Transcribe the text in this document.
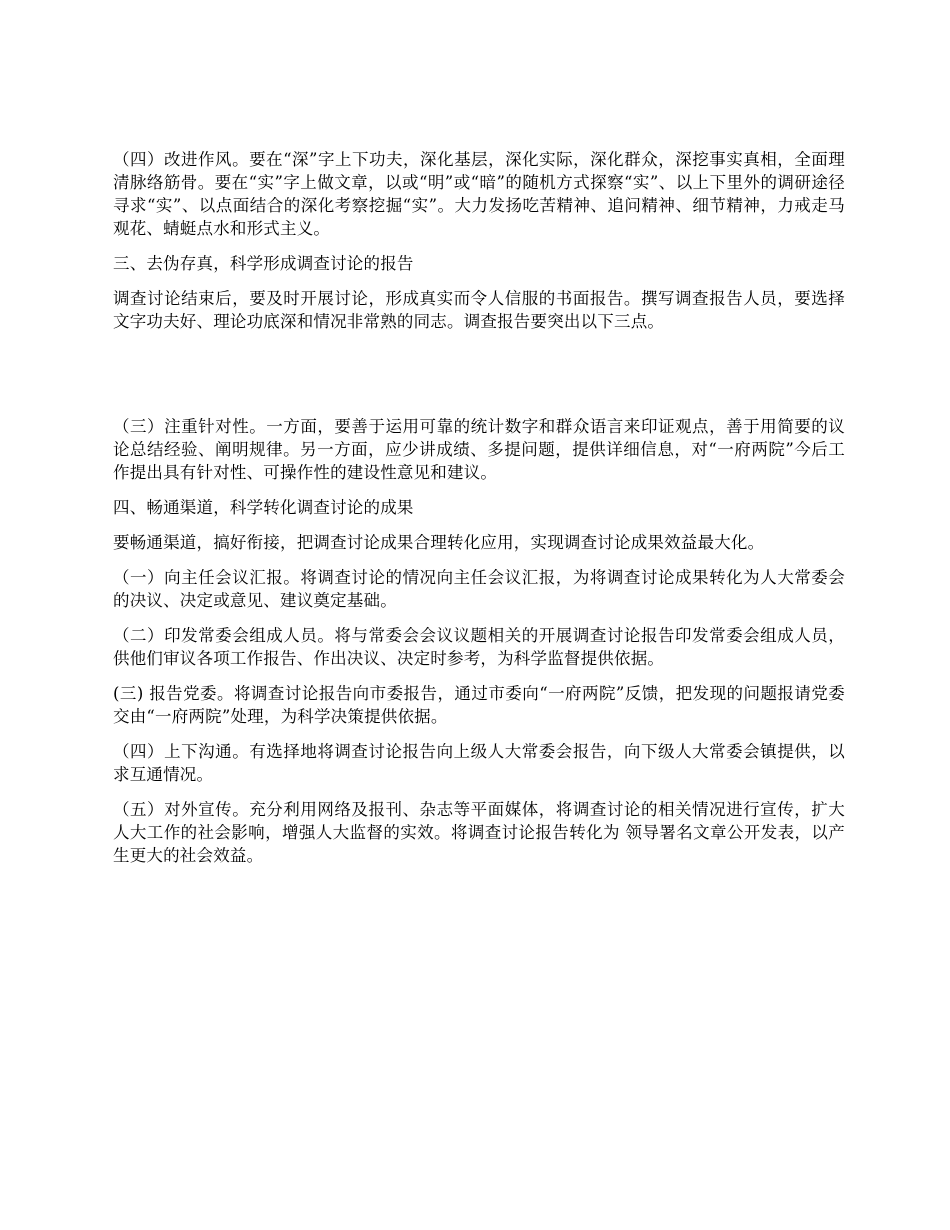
（四）改进作风。要在“深”字上下功夫，深化基层，深化实际，深化群众，深挖事实真相，全面理清脉络筋骨。要在“实”字上做文章，以或“明”或“暗”的随机方式探察“实”、以上下里外的调研途径寻求“实”、以点面结合的深化考察挖掘“实”。大力发扬吃苦精神、追问精神、细节精神，力戒走马观花、蜻蜓点水和形式主义。

三、去伪存真，科学形成调查讨论的报告

调查讨论结束后，要及时开展讨论，形成真实而令人信服的书面报告。撰写调查报告人员，要选择文字功夫好、理论功底深和情况非常熟的同志。调查报告要突出以下三点。

（三）注重针对性。一方面，要善于运用可靠的统计数字和群众语言来印证观点，善于用简要的议论总结经验、阐明规律。另一方面，应少讲成绩、多提问题，提供详细信息，对“一府两院”今后工作提出具有针对性、可操作性的建设性意见和建议。

四、畅通渠道，科学转化调查讨论的成果

要畅通渠道，搞好衔接，把调查讨论成果合理转化应用，实现调查讨论成果效益最大化。

（一）向主任会议汇报。将调查讨论的情况向主任会议汇报，为将调查讨论成果转化为人大常委会的决议、决定或意见、建议奠定基础。

（二）印发常委会组成人员。将与常委会会议议题相关的开展调查讨论报告印发常委会组成人员，供他们审议各项工作报告、作出决议、决定时参考，为科学监督提供依据。

(三) 报告党委。将调查讨论报告向市委报告，通过市委向“一府两院”反馈，把发现的问题报请党委交由“一府两院”处理，为科学决策提供依据。

（四）上下沟通。有选择地将调查讨论报告向上级人大常委会报告，向下级人大常委会镇提供，以求互通情况。

（五）对外宣传。充分利用网络及报刊、杂志等平面媒体，将调查讨论的相关情况进行宣传，扩大人大工作的社会影响，增强人大监督的实效。将调查讨论报告转化为 领导署名文章公开发表，以产生更大的社会效益。
